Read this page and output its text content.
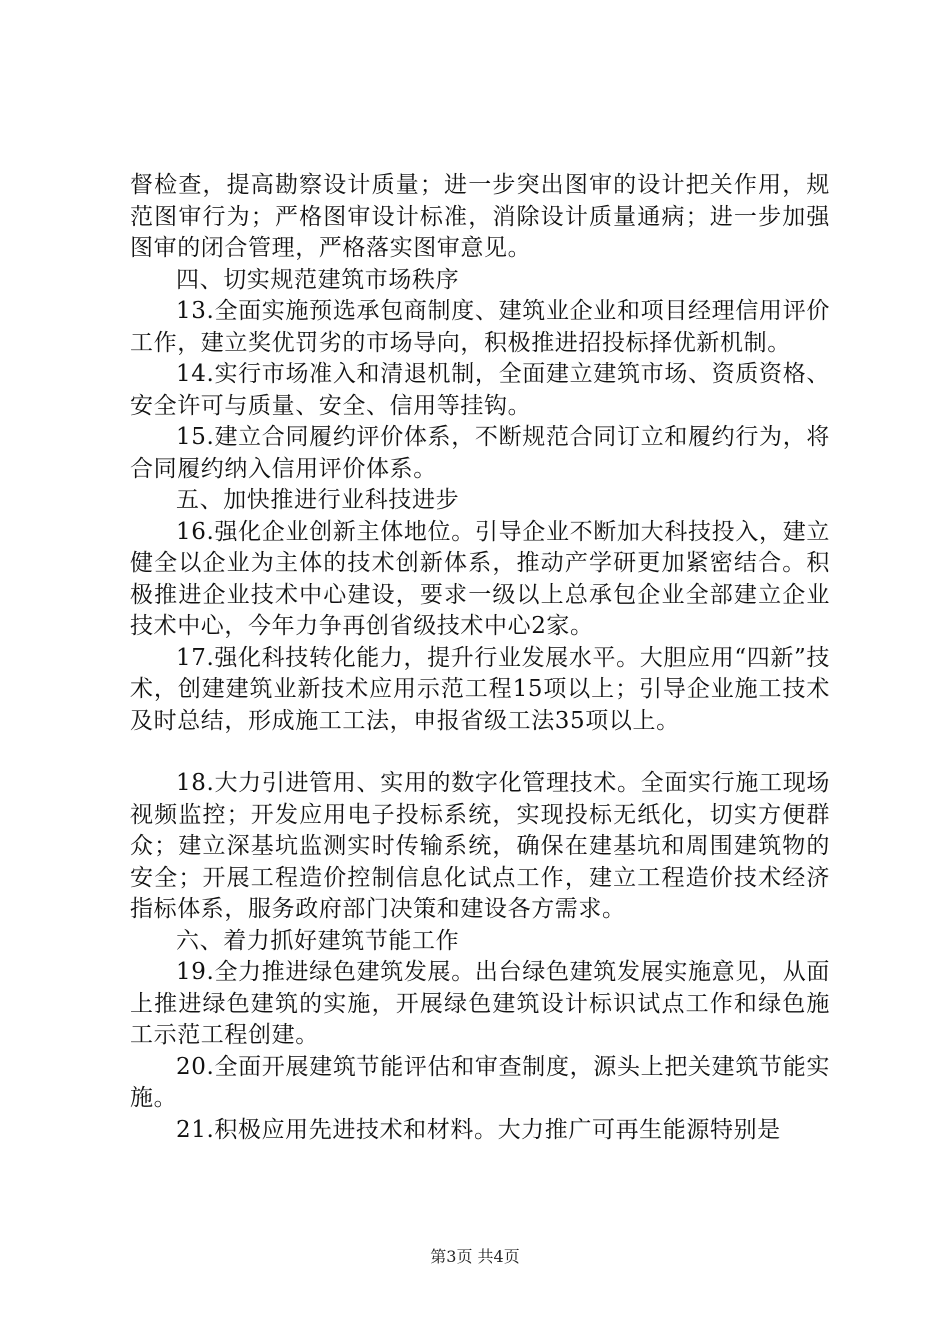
督检查，提高勘察设计质量；进一步突出图审的设计把关作用，规范图审行为；严格图审设计标准，消除设计质量通病；进一步加强图审的闭合管理，严格落实图审意见。

四、切实规范建筑市场秩序

13.全面实施预选承包商制度、建筑业企业和项目经理信用评价工作，建立奖优罚劣的市场导向，积极推进招投标择优新机制。

14.实行市场准入和清退机制，全面建立建筑市场、资质资格、安全许可与质量、安全、信用等挂钩。

15.建立合同履约评价体系，不断规范合同订立和履约行为，将合同履约纳入信用评价体系。

五、加快推进行业科技进步

16.强化企业创新主体地位。引导企业不断加大科技投入，建立健全以企业为主体的技术创新体系，推动产学研更加紧密结合。积极推进企业技术中心建设，要求一级以上总承包企业全部建立企业技术中心，今年力争再创省级技术中心2家。

17.强化科技转化能力，提升行业发展水平。大胆应用“四新”技术，创建建筑业新技术应用示范工程15项以上；引导企业施工技术及时总结，形成施工工法，申报省级工法35项以上。

18.大力引进管用、实用的数字化管理技术。全面实行施工现场视频监控；开发应用电子投标系统，实现投标无纸化，切实方便群众；建立深基坑监测实时传输系统，确保在建基坑和周围建筑物的安全；开展工程造价控制信息化试点工作，建立工程造价技术经济指标体系，服务政府部门决策和建设各方需求。

六、着力抓好建筑节能工作

19.全力推进绿色建筑发展。出台绿色建筑发展实施意见，从面上推进绿色建筑的实施，开展绿色建筑设计标识试点工作和绿色施工示范工程创建。

20.全面开展建筑节能评估和审查制度，源头上把关建筑节能实施。

21.积极应用先进技术和材料。大力推广可再生能源特别是

第3页 共4页
